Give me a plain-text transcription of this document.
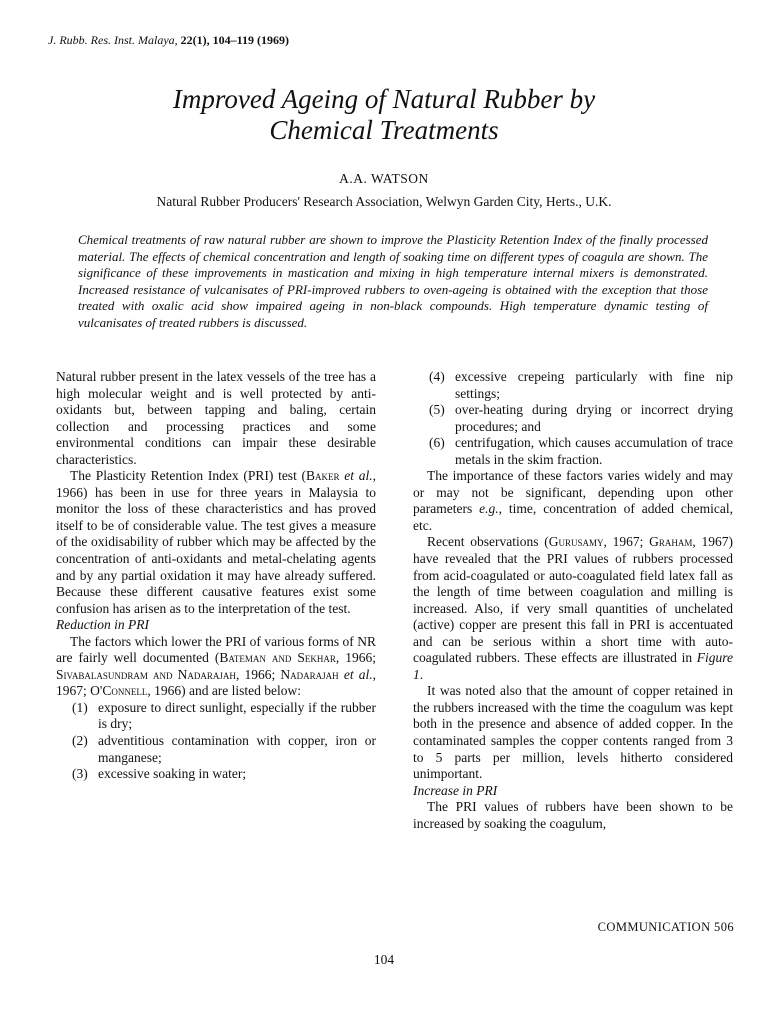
J. Rubb. Res. Inst. Malaya, 22(1), 104–119 (1969)
Improved Ageing of Natural Rubber by
Chemical Treatments
A.A. WATSON
Natural Rubber Producers' Research Association, Welwyn Garden City, Herts., U.K.
Chemical treatments of raw natural rubber are shown to improve the Plasticity Retention Index of the finally processed material. The effects of chemical concentration and length of soaking time on different types of coagula are shown. The significance of these improvements in mastication and mixing in high temperature internal mixers is demonstrated. Increased resistance of vulcanisates of PRI-improved rubbers to oven-ageing is obtained with the exception that those treated with oxalic acid show impaired ageing in non-black compounds. High temperature dynamic testing of vulcanisates of treated rubbers is discussed.

Natural rubber present in the latex vessels of the tree has a high molecular weight and is well protected by anti-oxidants but, between tapping and baling, certain collection and processing practices and some environmental conditions can impair these desirable characteristics.

The Plasticity Retention Index (PRI) test (Baker et al., 1966) has been in use for three years in Malaysia to monitor the loss of these characteristics and has proved itself to be of considerable value. The test gives a measure of the oxidisability of rubber which may be affected by the concentration of anti-oxidants and metal-chelating agents and by any partial oxidation it may have already suffered. Because these different causative features exist some confusion has arisen as to the interpretation of the test.

Reduction in PRI

The factors which lower the PRI of various forms of NR are fairly well documented (Bateman and Sekhar, 1966; Sivabalasundram and Nadarajah, 1966; Nadarajah et al., 1967; O'Connell, 1966) and are listed below:

(1) exposure to direct sunlight, especially if the rubber is dry;
(2) adventitious contamination with copper, iron or manganese;
(3) excessive soaking in water;
(4) excessive crepeing particularly with fine nip settings;
(5) over-heating during drying or incorrect drying procedures; and
(6) centrifugation, which causes accumulation of trace metals in the skim fraction.

The importance of these factors varies widely and may or may not be significant, depending upon other parameters e.g., time, concentration of added chemical, etc.

Recent observations (Gurusamy, 1967; Graham, 1967) have revealed that the PRI values of rubbers processed from acid-coagulated or auto-coagulated field latex fall as the length of time between coagulation and milling is increased. Also, if very small quantities of unchelated (active) copper are present this fall in PRI is accentuated and can be serious within a short time with auto-coagulated rubbers. These effects are illustrated in Figure 1.

It was noted also that the amount of copper retained in the rubbers increased with the time the coagulum was kept both in the presence and absence of added copper. In the contaminated samples the copper contents ranged from 3 to 5 parts per million, levels hitherto considered unimportant.

Increase in PRI

The PRI values of rubbers have been shown to be increased by soaking the coagulum,

COMMUNICATION 506
104
